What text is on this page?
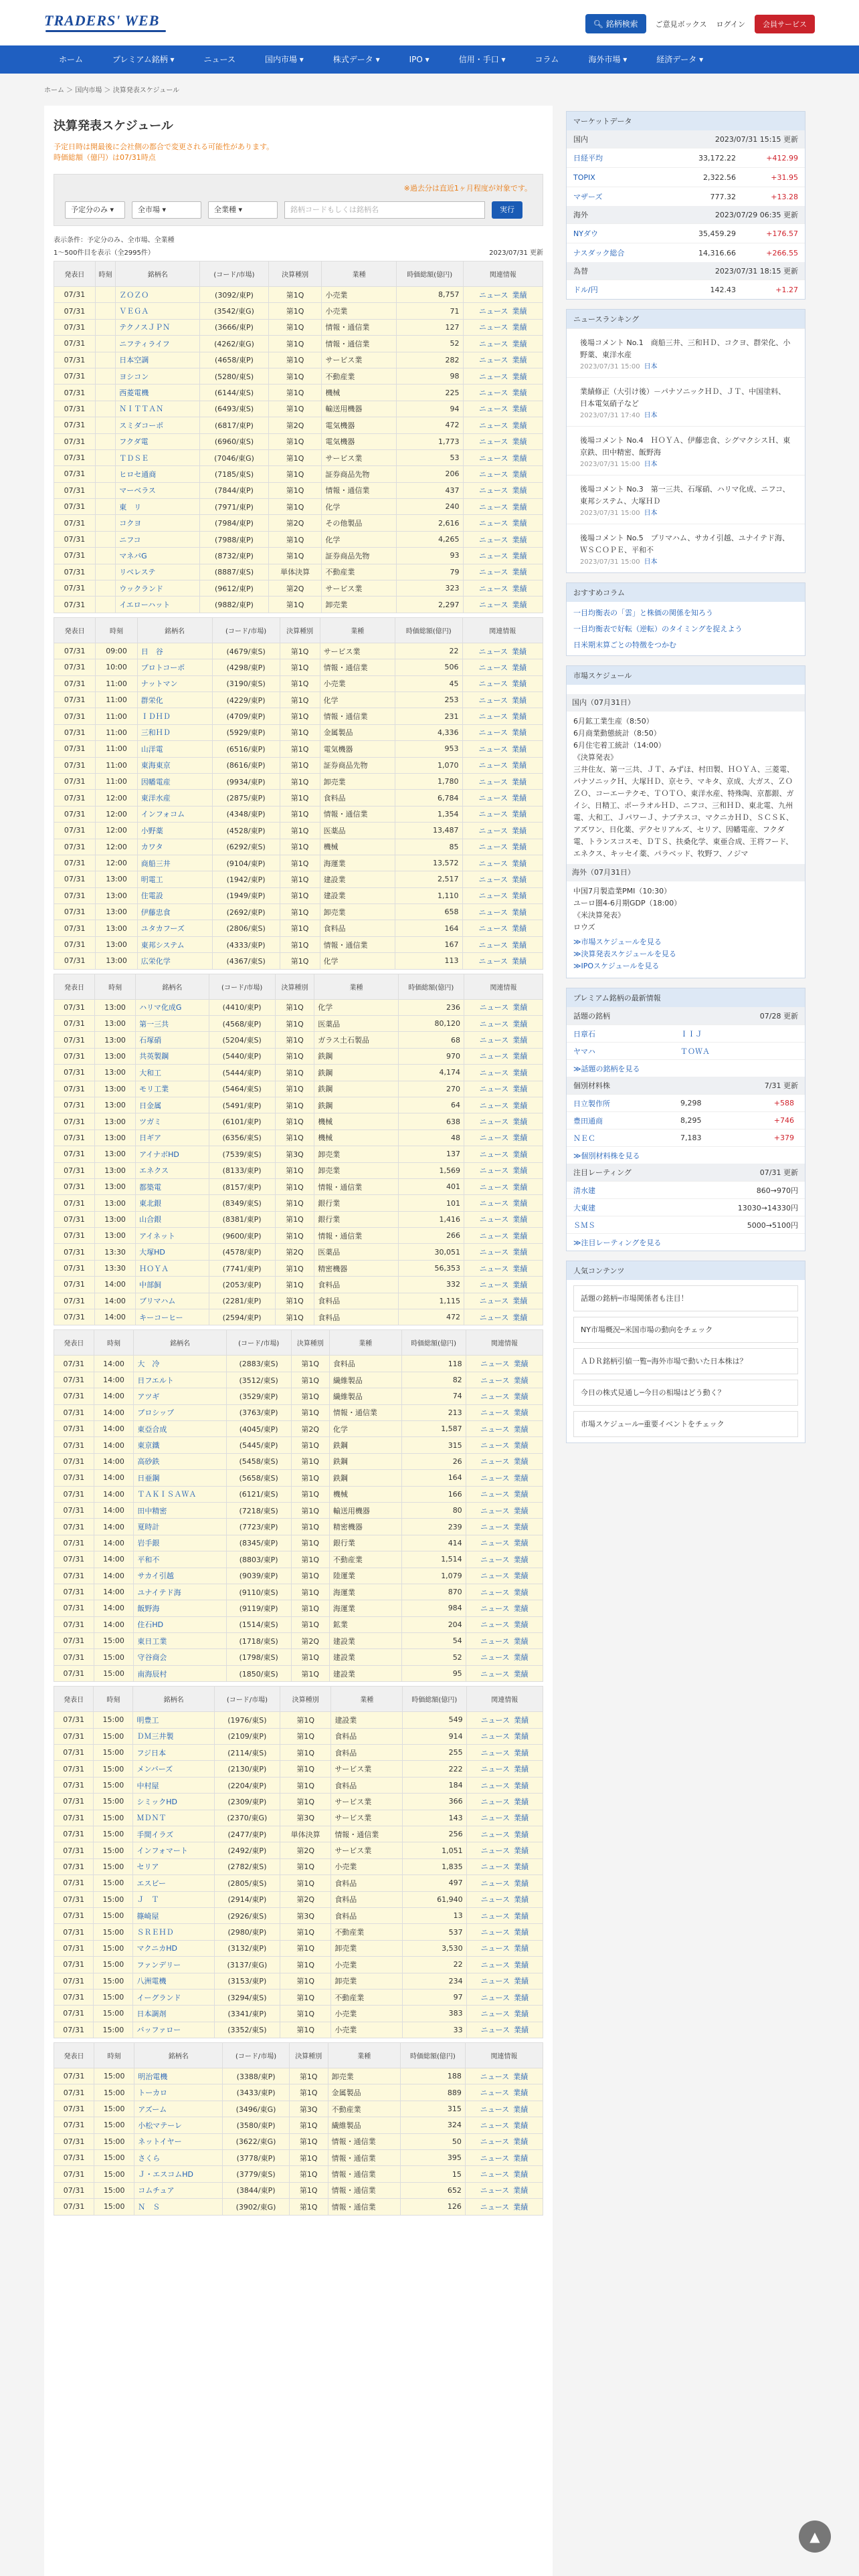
TRADERS' WEB	🔍︎ 銘柄検索	ご意見ボックス ログイン	会員サービス
ホーム	プレミアム銘柄 ▾	ニュース	国内市場 ▾	株式データ ▾	IPO ▾	信用・手口 ▾	コラム	海外市場 ▾	経済データ ▾
ホーム ＞ 国内市場 ＞ 決算発表スケジュール
決算発表スケジュール
予定日時は開最後に会社側の都合で変更される可能性があります。
時価総額（億円）は07/31時点
※過去分は直近1ヶ月程度が対象です。
予定分のみ ▾	全市場 ▾	全業種 ▾	銘柄コードもしくは銘柄名	実行
表示条件：予定分のみ、全市場、全業種
1～500件目を表示（全2995件）	2023/07/31 更新
発表日	時刻	銘柄名	(コード/市場)	決算種別	業種	時価総額(億円)	関連情報
07/31		ＺＯＺＯ	(3092/東P)	第1Q	小売業	8,757	ニュース 業績
07/31		ＶＥＧＡ	(3542/東G)	第1Q	小売業	71	ニュース 業績
07/31		テクノスＪＰＮ	(3666/東P)	第1Q	情報・通信業	127	ニュース 業績
07/31		ニフティライフ	(4262/東G)	第1Q	情報・通信業	52	ニュース 業績
07/31		日本空調	(4658/東P)	第1Q	サービス業	282	ニュース 業績
07/31		ヨシコン	(5280/東S)	第1Q	不動産業	98	ニュース 業績
07/31		西菱電機	(6144/東S)	第1Q	機械	225	ニュース 業績
07/31		ＮＩＴＴＡＮ	(6493/東S)	第1Q	輸送用機器	94	ニュース 業績
07/31		スミダコーポ	(6817/東P)	第2Q	電気機器	472	ニュース 業績
07/31		フクダ電	(6960/東S)	第1Q	電気機器	1,773	ニュース 業績
07/31		ＴＤＳＥ	(7046/東G)	第1Q	サービス業	53	ニュース 業績
07/31		ヒロセ通商	(7185/東S)	第1Q	証券商品先物	206	ニュース 業績
07/31		マーベラス	(7844/東P)	第1Q	情報・通信業	437	ニュース 業績
07/31		東　リ	(7971/東P)	第1Q	化学	240	ニュース 業績
07/31		コクヨ	(7984/東P)	第2Q	その他製品	2,616	ニュース 業績
07/31		ニフコ	(7988/東P)	第1Q	化学	4,265	ニュース 業績
07/31		マネパG	(8732/東P)	第1Q	証券商品先物	93	ニュース 業績
07/31		リベレステ	(8887/東S)	単体決算	不動産業	79	ニュース 業績
07/31		ウックランド	(9612/東P)	第2Q	サービス業	323	ニュース 業績
07/31		イエローハット	(9882/東P)	第1Q	卸売業	2,297	ニュース 業績
発表日	時刻	銘柄名	(コード/市場)	決算種別	業種	時価総額(億円)	関連情報
07/31	09:00	日　谷	(4679/東S)	第1Q	サービス業	22	ニュース 業績
07/31	10:00	プロトコーポ	(4298/東P)	第1Q	情報・通信業	506	ニュース 業績
07/31	11:00	ナットマン	(3190/東S)	第1Q	小売業	45	ニュース 業績
07/31	11:00	群栄化	(4229/東P)	第1Q	化学	253	ニュース 業績
07/31	11:00	ＩＤＨＤ	(4709/東P)	第1Q	情報・通信業	231	ニュース 業績
07/31	11:00	三和ＨＤ	(5929/東P)	第1Q	金属製品	4,336	ニュース 業績
07/31	11:00	山洋電	(6516/東P)	第1Q	電気機器	953	ニュース 業績
07/31	11:00	東海東京	(8616/東P)	第1Q	証券商品先物	1,070	ニュース 業績
07/31	11:00	因幡電産	(9934/東P)	第1Q	卸売業	1,780	ニュース 業績
07/31	12:00	東洋水産	(2875/東P)	第1Q	食料品	6,784	ニュース 業績
07/31	12:00	インフォコム	(4348/東P)	第1Q	情報・通信業	1,354	ニュース 業績
07/31	12:00	小野薬	(4528/東P)	第1Q	医薬品	13,487	ニュース 業績
07/31	12:00	カワタ	(6292/東S)	第1Q	機械	85	ニュース 業績
07/31	12:00	商船三井	(9104/東P)	第1Q	海運業	13,572	ニュース 業績
07/31	13:00	明電工	(1942/東P)	第1Q	建設業	2,517	ニュース 業績
07/31	13:00	住電設	(1949/東P)	第1Q	建設業	1,110	ニュース 業績
07/31	13:00	伊藤忠食	(2692/東P)	第1Q	卸売業	658	ニュース 業績
07/31	13:00	ユタカフーズ	(2806/東S)	第1Q	食料品	164	ニュース 業績
07/31	13:00	東邦システム	(4333/東P)	第1Q	情報・通信業	167	ニュース 業績
07/31	13:00	広栄化学	(4367/東S)	第1Q	化学	113	ニュース 業績
発表日	時刻	銘柄名	(コード/市場)	決算種別	業種	時価総額(億円)	関連情報
07/31	13:00	ハリマ化成G	(4410/東P)	第1Q	化学	236	ニュース 業績
07/31	13:00	第一三共	(4568/東P)	第1Q	医薬品	80,120	ニュース 業績
07/31	13:00	石塚硝	(5204/東S)	第1Q	ガラス土石製品	68	ニュース 業績
07/31	13:00	共英製鋼	(5440/東P)	第1Q	鉄鋼	970	ニュース 業績
07/31	13:00	大和工	(5444/東P)	第1Q	鉄鋼	4,174	ニュース 業績
07/31	13:00	モリ工業	(5464/東S)	第1Q	鉄鋼	270	ニュース 業績
07/31	13:00	日金属	(5491/東P)	第1Q	鉄鋼	64	ニュース 業績
07/31	13:00	ツガミ	(6101/東P)	第1Q	機械	638	ニュース 業績
07/31	13:00	日ギア	(6356/東S)	第1Q	機械	48	ニュース 業績
07/31	13:00	アイナボHD	(7539/東S)	第3Q	卸売業	137	ニュース 業績
07/31	13:00	エネクス	(8133/東P)	第1Q	卸売業	1,569	ニュース 業績
07/31	13:00	都築電	(8157/東P)	第1Q	情報・通信業	401	ニュース 業績
07/31	13:00	東北銀	(8349/東S)	第1Q	銀行業	101	ニュース 業績
07/31	13:00	山合銀	(8381/東P)	第1Q	銀行業	1,416	ニュース 業績
07/31	13:00	アイネット	(9600/東P)	第1Q	情報・通信業	266	ニュース 業績
07/31	13:30	大塚HD	(4578/東P)	第2Q	医薬品	30,051	ニュース 業績
07/31	13:30	ＨＯＹＡ	(7741/東P)	第1Q	精密機器	56,353	ニュース 業績
07/31	14:00	中部飼	(2053/東P)	第1Q	食料品	332	ニュース 業績
07/31	14:00	ブリマハム	(2281/東P)	第1Q	食料品	1,115	ニュース 業績
07/31	14:00	キーコーヒー	(2594/東P)	第1Q	食料品	472	ニュース 業績
発表日	時刻	銘柄名	(コード/市場)	決算種別	業種	時価総額(億円)	関連情報
07/31	14:00	大　冷	(2883/東S)	第1Q	食料品	118	ニュース 業績
07/31	14:00	日フエルト	(3512/東S)	第1Q	繊維製品	82	ニュース 業績
07/31	14:00	アツギ	(3529/東P)	第1Q	繊維製品	74	ニュース 業績
07/31	14:00	ブロシップ	(3763/東P)	第1Q	情報・通信業	213	ニュース 業績
07/31	14:00	東亞合成	(4045/東P)	第2Q	化学	1,587	ニュース 業績
07/31	14:00	東京鐵	(5445/東P)	第1Q	鉄鋼	315	ニュース 業績
07/31	14:00	高砂鉄	(5458/東S)	第1Q	鉄鋼	26	ニュース 業績
07/31	14:00	日亜鋼	(5658/東S)	第1Q	鉄鋼	164	ニュース 業績
07/31	14:00	ＴＡＫＩＳＡＷＡ	(6121/東S)	第1Q	機械	166	ニュース 業績
07/31	14:00	田中精密	(7218/東S)	第1Q	輸送用機器	80	ニュース 業績
07/31	14:00	夏時計	(7723/東P)	第1Q	精密機器	239	ニュース 業績
07/31	14:00	岩手銀	(8345/東P)	第1Q	銀行業	414	ニュース 業績
07/31	14:00	平和不	(8803/東P)	第1Q	不動産業	1,514	ニュース 業績
07/31	14:00	サカイ引越	(9039/東P)	第1Q	陸運業	1,079	ニュース 業績
07/31	14:00	ユナイテド海	(9110/東S)	第1Q	海運業	870	ニュース 業績
07/31	14:00	飯野海	(9119/東P)	第1Q	海運業	984	ニュース 業績
07/31	14:00	住石HD	(1514/東S)	第1Q	鉱業	204	ニュース 業績
07/31	15:00	東日工業	(1718/東S)	第2Q	建設業	54	ニュース 業績
07/31	15:00	守谷商会	(1798/東S)	第1Q	建設業	52	ニュース 業績
07/31	15:00	南海辰村	(1850/東S)	第1Q	建設業	95	ニュース 業績
発表日	時刻	銘柄名	(コード/市場)	決算種別	業種	時価総額(億円)	関連情報
07/31	15:00	明豊工	(1976/東S)	第1Q	建設業	549	ニュース 業績
07/31	15:00	ＤＭ三井製	(2109/東P)	第1Q	食料品	914	ニュース 業績
07/31	15:00	フジ日本	(2114/東S)	第1Q	食料品	255	ニュース 業績
07/31	15:00	メンバーズ	(2130/東P)	第1Q	サービス業	222	ニュース 業績
07/31	15:00	中村屋	(2204/東P)	第1Q	食料品	184	ニュース 業績
07/31	15:00	シミックHD	(2309/東P)	第1Q	サービス業	366	ニュース 業績
07/31	15:00	ＭＤＮＴ	(2370/東G)	第3Q	サービス業	143	ニュース 業績
07/31	15:00	手間イラズ	(2477/東P)	単体決算	情報・通信業	256	ニュース 業績
07/31	15:00	インフォマート	(2492/東P)	第2Q	サービス業	1,051	ニュース 業績
07/31	15:00	セリア	(2782/東S)	第1Q	小売業	1,835	ニュース 業績
07/31	15:00	エスビー	(2805/東S)	第1Q	食料品	497	ニュース 業績
07/31	15:00	Ｊ　Ｔ	(2914/東P)	第2Q	食料品	61,940	ニュース 業績
07/31	15:00	篠崎屋	(2926/東S)	第3Q	食料品	13	ニュース 業績
07/31	15:00	ＳＲＥＨＤ	(2980/東P)	第1Q	不動産業	537	ニュース 業績
07/31	15:00	マクニカHD	(3132/東P)	第1Q	卸売業	3,530	ニュース 業績
07/31	15:00	ファンデリー	(3137/東G)	第1Q	小売業	22	ニュース 業績
07/31	15:00	八洲電機	(3153/東P)	第1Q	卸売業	234	ニュース 業績
07/31	15:00	イーグランド	(3294/東S)	第1Q	不動産業	97	ニュース 業績
07/31	15:00	日本調剤	(3341/東P)	第1Q	小売業	383	ニュース 業績
07/31	15:00	バッファロー	(3352/東S)	第1Q	小売業	33	ニュース 業績
発表日	時刻	銘柄名	(コード/市場)	決算種別	業種	時価総額(億円)	関連情報
07/31	15:00	明治電機	(3388/東P)	第1Q	卸売業	188	ニュース 業績
07/31	15:00	トーカロ	(3433/東P)	第1Q	金属製品	889	ニュース 業績
07/31	15:00	アズーム	(3496/東G)	第3Q	不動産業	315	ニュース 業績
07/31	15:00	小松マテーレ	(3580/東P)	第1Q	繊維製品	324	ニュース 業績
07/31	15:00	ネットイヤー	(3622/東G)	第1Q	情報・通信業	50	ニュース 業績
07/31	15:00	さくら	(3778/東P)	第1Q	情報・通信業	395	ニュース 業績
07/31	15:00	Ｊ・エスコムHD	(3779/東S)	第1Q	情報・通信業	15	ニュース 業績
07/31	15:00	コムチュア	(3844/東P)	第1Q	情報・通信業	652	ニュース 業績
07/31	15:00	Ｎ　Ｓ	(3902/東G)	第1Q	情報・通信業	126	ニュース 業績
マーケットデータ
国内	2023/07/31 15:15 更新
日経平均	33,172.22	+412.99
TOPIX	2,322.56	+31.95
マザーズ	777.32	+13.28
海外	2023/07/29 06:35 更新
NYダウ	35,459.29	+176.57
ナスダック総合	14,316.66	+266.55
為替	2023/07/31 18:15 更新
ドル/円	142.43	+1.27
ニュースランキング
後場コメント No.1　商船三井、三和ＨＤ、コクヨ、群栄化、小野薬、東洋水産
2023/07/31 15:00 日本
業績修正（大引け後）－パナソニックＨＤ、ＪＴ、中国塗料、日本電気硝子など
2023/07/31 17:40 日本
後場コメント No.4　ＨＯＹＡ、伊藤忠食、シグマクシスＨ、東京鉄、田中精密、飯野海
2023/07/31 15:00 日本
後場コメント No.3　第一三共、石塚硝、ハリマ化成、ニフコ、東邦システム、大塚ＨＤ
2023/07/31 15:00 日本
後場コメント No.5　プリマハム、サカイ引越、ユナイテド海、ＷＳＣＯＰＥ、平和不
2023/07/31 15:00 日本
おすすめコラム
一目均衡表の「雲」と株価の関係を知ろう
一目均衡表で好転（逆転）のタイミングを捉えよう
日米期末算ごとの特徴をつかむ
市場スケジュール
国内（07月31日）
6月鉱工業生産（8:50）
6月商業動態統計（8:50）
6月住宅着工統計（14:00）
《決算発表》
三井住友、第一三共、ＪＴ、みずほ、村田製、ＨＯＹＡ、三菱電、パナソニックＨ、大塚ＨＤ、京セラ、マキタ、京成、大ガス、ＺＯＺＯ、コーエーテクモ、ＴＯＴＯ、東洋水産、特殊陶、京都銀、ガイシ、日精工、ポーラオルＨＤ、ニフコ、三和ＨＤ、東北電、九州電、大和工、ＪパワーＪ、ナブテスコ、マクニカＨＤ、ＳＣＳＫ、アズワン、日化薬、デクセリアルズ、セリア、因幡電産、フクダ電、トランスコスモ、ＤＴＳ、扶桑化学、東亜合成、王将フード、エネクス、キッセイ薬、パラベッド、牧野フ、ノジマ
海外（07月31日）
中国7月製造業PMI（10:30）
ユーロ圏4-6月期GDP（18:00）
《米決算発表》
ロウズ
≫市場スケジュールを見る
≫決算発表スケジュールを見る
≫IPOスケジュールを見る
プレミアム銘柄の最新情報
話題の銘柄	07/28 更新
日章石	ＩＩＪ
ヤマハ	ＴＯＷＡ
≫話題の銘柄を見る
個別材料株	7/31 更新
日立製作所	9,298	+588
豊田通商	8,295	+746
ＮＥＣ	7,183	+379
≫個別材料株を見る
注目レーティング	07/31 更新
清水建	860→970円
大東建	13030→14330円
ＳＭＳ	5000→5100円
≫注目レーティングを見る
人気コンテンツ
話題の銘柄─市場関係者も注目！
NY市場概況─米国市場の動向をチェック
ＡＤＲ銘柄引値一覧─海外市場で動いた日本株は？
今日の株式見通し─今日の相場はどう動く？
市場スケジュール─重要イベントをチェック
▲
